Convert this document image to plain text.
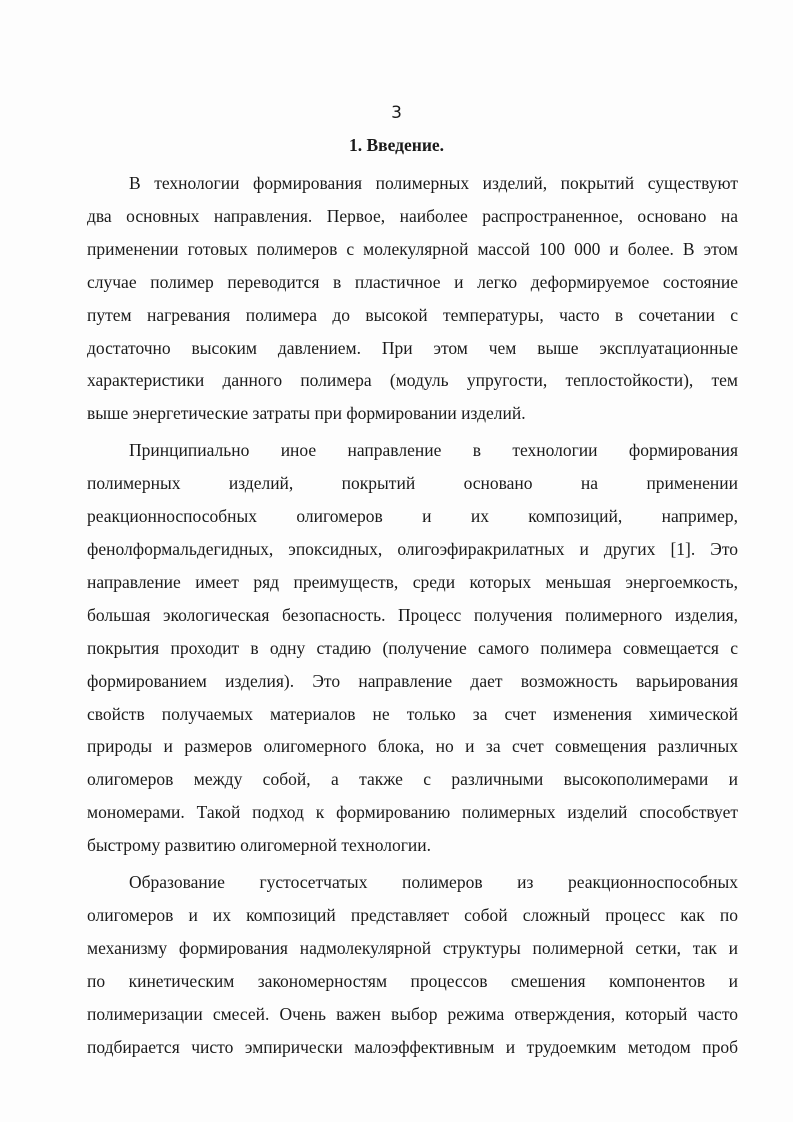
3
1. Введение.

В технологии формирования полимерных изделий, покрытий существуют
два основных направления. Первое, наиболее распространенное, основано на
применении готовых полимеров с молекулярной массой 100 000 и более. В этом
случае полимер переводится в пластичное и легко деформируемое состояние
путем нагревания полимера до высокой температуры, часто в сочетании с
достаточно высоким давлением. При этом чем выше эксплуатационные
характеристики данного полимера (модуль упругости, теплостойкости), тем
выше энергетические затраты при формировании изделий.

Принципиально иное направление в технологии формирования
полимерных изделий, покрытий основано на применении
реакционноспособных олигомеров и их композиций, например,
фенолформальдегидных, эпоксидных, олигоэфиракрилатных и других [1]. Это
направление имеет ряд преимуществ, среди которых меньшая энергоемкость,
большая экологическая безопасность. Процесс получения полимерного изделия,
покрытия проходит в одну стадию (получение самого полимера совмещается с
формированием изделия). Это направление дает возможность варьирования
свойств получаемых материалов не только за счет изменения химической
природы и размеров олигомерного блока, но и за счет совмещения различных
олигомеров между собой, а также с различными высокополимерами и
мономерами. Такой подход к формированию полимерных изделий способствует
быстрому развитию олигомерной технологии.

Образование густосетчатых полимеров из реакционноспособных
олигомеров и их композиций представляет собой сложный процесс как по
механизму формирования надмолекулярной структуры полимерной сетки, так и
по кинетическим закономерностям процессов смешения компонентов и
полимеризации смесей. Очень важен выбор режима отверждения, который часто
подбирается чисто эмпирически малоэффективным и трудоемким методом проб
